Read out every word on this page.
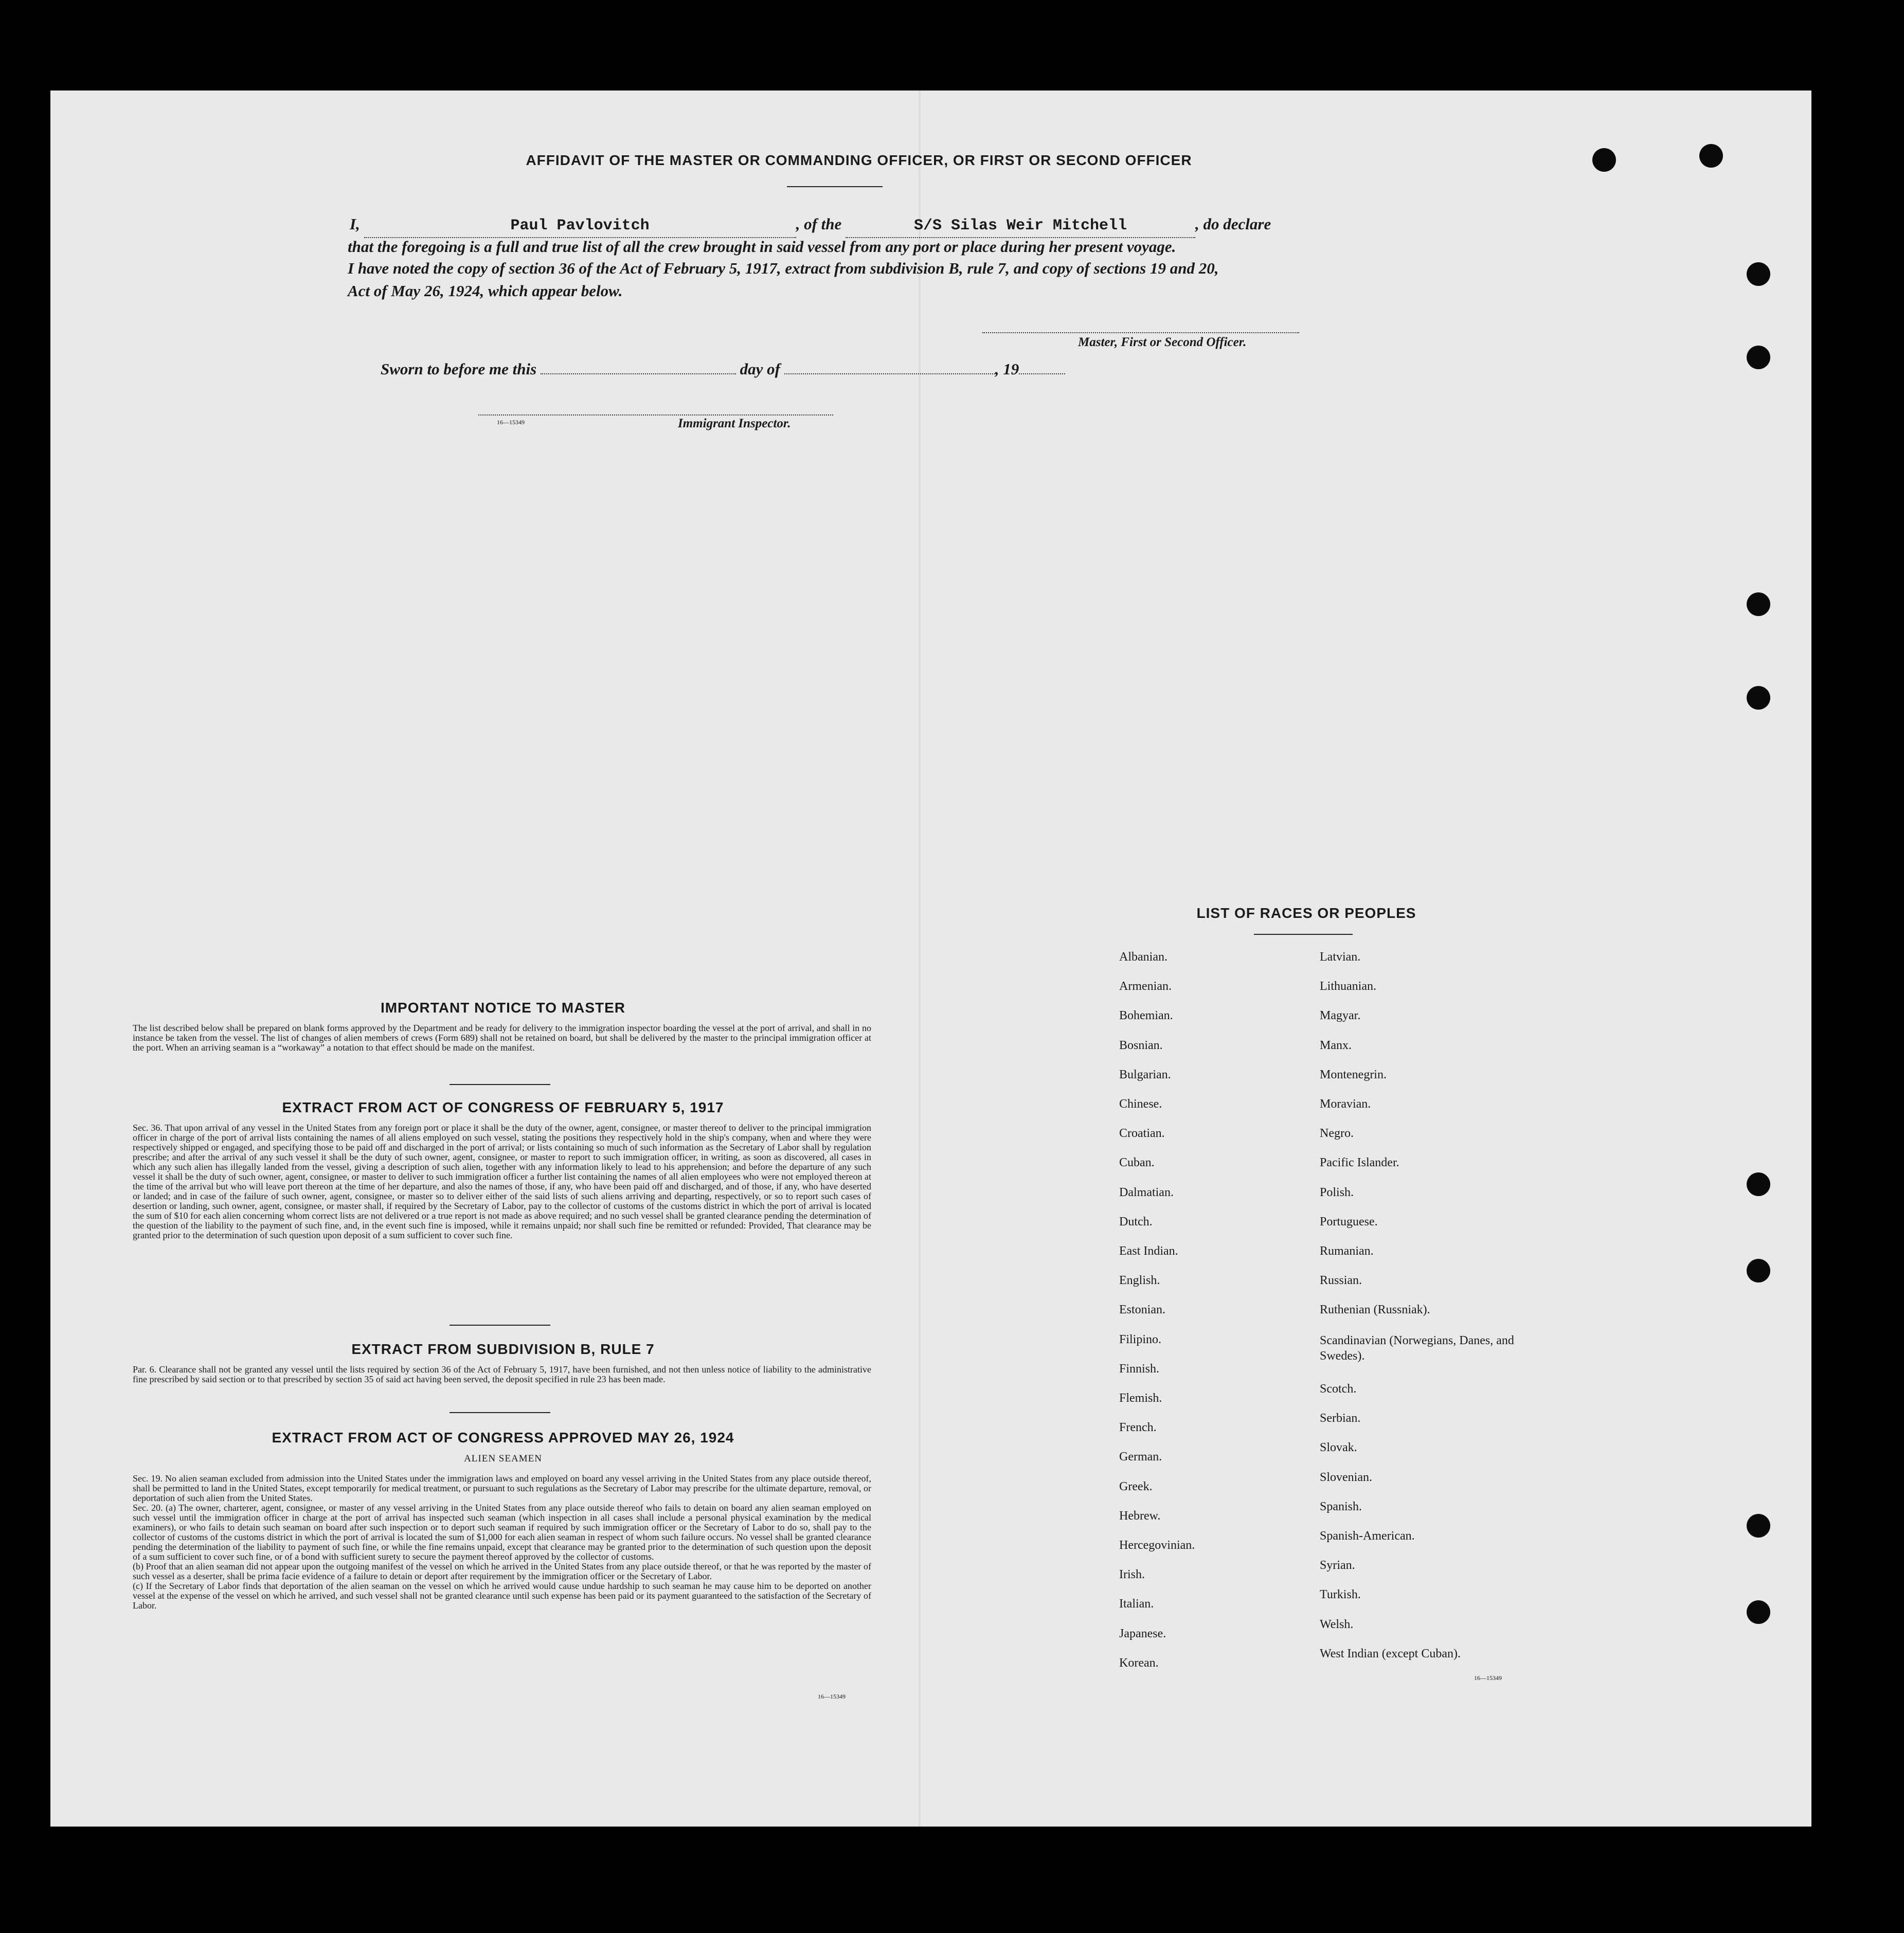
AFFIDAVIT OF THE MASTER OR COMMANDING OFFICER, OR FIRST OR SECOND OFFICER
I,	Paul Pavlovitch	, of the	S/S Silas Weir Mitchell	, do declare
that the foregoing is a full and true list of all the crew brought in said vessel from any port or place during her present voyage.
I have noted the copy of section 36 of the Act of February 5, 1917, extract from subdivision B, rule 7, and copy of sections 19 and 20,
Act of May 26, 1924, which appear below.
Master, First or Second Officer.
Sworn to before me this	day of	, 19
16—15349	Immigrant Inspector.
IMPORTANT NOTICE TO MASTER
The list described below shall be prepared on blank forms approved by the Department and be ready for delivery to the immigration inspector boarding the vessel at the port of arrival, and shall in no instance be taken from the vessel. The list of changes of alien members of crews (Form 689) shall not be retained on board, but shall be delivered by the master to the principal immigration officer at the port. When an arriving seaman is a “workaway” a notation to that effect should be made on the manifest.
EXTRACT FROM ACT OF CONGRESS OF FEBRUARY 5, 1917
Sec. 36. That upon arrival of any vessel in the United States from any foreign port or place it shall be the duty of the owner, agent, consignee, or master thereof to deliver to the principal immigration officer in charge of the port of arrival lists containing the names of all aliens employed on such vessel, stating the positions they respectively hold in the ship's company, when and where they were respectively shipped or engaged, and specifying those to be paid off and discharged in the port of arrival; or lists containing so much of such information as the Secretary of Labor shall by regulation prescribe; and after the arrival of any such vessel it shall be the duty of such owner, agent, consignee, or master to report to such immigration officer, in writing, as soon as discovered, all cases in which any such alien has illegally landed from the vessel, giving a description of such alien, together with any information likely to lead to his apprehension; and before the departure of any such vessel it shall be the duty of such owner, agent, consignee, or master to deliver to such immigration officer a further list containing the names of all alien employees who were not employed thereon at the time of the arrival but who will leave port thereon at the time of her departure, and also the names of those, if any, who have been paid off and discharged, and of those, if any, who have deserted or landed; and in case of the failure of such owner, agent, consignee, or master so to deliver either of the said lists of such aliens arriving and departing, respectively, or so to report such cases of desertion or landing, such owner, agent, consignee, or master shall, if required by the Secretary of Labor, pay to the collector of customs of the customs district in which the port of arrival is located the sum of $10 for each alien concerning whom correct lists are not delivered or a true report is not made as above required; and no such vessel shall be granted clearance pending the determination of the question of the liability to the payment of such fine, and, in the event such fine is imposed, while it remains unpaid; nor shall such fine be remitted or refunded: Provided, That clearance may be granted prior to the determination of such question upon deposit of a sum sufficient to cover such fine.
EXTRACT FROM SUBDIVISION B, RULE 7
Par. 6. Clearance shall not be granted any vessel until the lists required by section 36 of the Act of February 5, 1917, have been furnished, and not then unless notice of liability to the administrative fine prescribed by said section or to that prescribed by section 35 of said act having been served, the deposit specified in rule 23 has been made.
EXTRACT FROM ACT OF CONGRESS APPROVED MAY 26, 1924
ALIEN SEAMEN
Sec. 19. No alien seaman excluded from admission into the United States under the immigration laws and employed on board any vessel arriving in the United States from any place outside thereof, shall be permitted to land in the United States, except temporarily for medical treatment, or pursuant to such regulations as the Secretary of Labor may prescribe for the ultimate departure, removal, or deportation of such alien from the United States.
Sec. 20. (a) The owner, charterer, agent, consignee, or master of any vessel arriving in the United States from any place outside thereof who fails to detain on board any alien seaman employed on such vessel until the immigration officer in charge at the port of arrival has inspected such seaman (which inspection in all cases shall include a personal physical examination by the medical examiners), or who fails to detain such seaman on board after such inspection or to deport such seaman if required by such immigration officer or the Secretary of Labor to do so, shall pay to the collector of customs of the customs district in which the port of arrival is located the sum of $1,000 for each alien seaman in respect of whom such failure occurs. No vessel shall be granted clearance pending the determination of the liability to payment of such fine, or while the fine remains unpaid, except that clearance may be granted prior to the determination of such question upon the deposit of a sum sufficient to cover such fine, or of a bond with sufficient surety to secure the payment thereof approved by the collector of customs.
(b) Proof that an alien seaman did not appear upon the outgoing manifest of the vessel on which he arrived in the United States from any place outside thereof, or that he was reported by the master of such vessel as a deserter, shall be prima facie evidence of a failure to detain or deport after requirement by the immigration officer or the Secretary of Labor.
(c) If the Secretary of Labor finds that deportation of the alien seaman on the vessel on which he arrived would cause undue hardship to such seaman he may cause him to be deported on another vessel at the expense of the vessel on which he arrived, and such vessel shall not be granted clearance until such expense has been paid or its payment guaranteed to the satisfaction of the Secretary of Labor.
16—15349
LIST OF RACES OR PEOPLES
Albanian.
Armenian.
Bohemian.
Bosnian.
Bulgarian.
Chinese.
Croatian.
Cuban.
Dalmatian.
Dutch.
East Indian.
English.
Estonian.
Filipino.
Finnish.
Flemish.
French.
German.
Greek.
Hebrew.
Hercegovinian.
Irish.
Italian.
Japanese.
Korean.
Latvian.
Lithuanian.
Magyar.
Manx.
Montenegrin.
Moravian.
Negro.
Pacific Islander.
Polish.
Portuguese.
Rumanian.
Russian.
Ruthenian (Russniak).
Scandinavian (Norwegians, Danes, and Swedes).
Scotch.
Serbian.
Slovak.
Slovenian.
Spanish.
Spanish-American.
Syrian.
Turkish.
Welsh.
West Indian (except Cuban).
16—15349
